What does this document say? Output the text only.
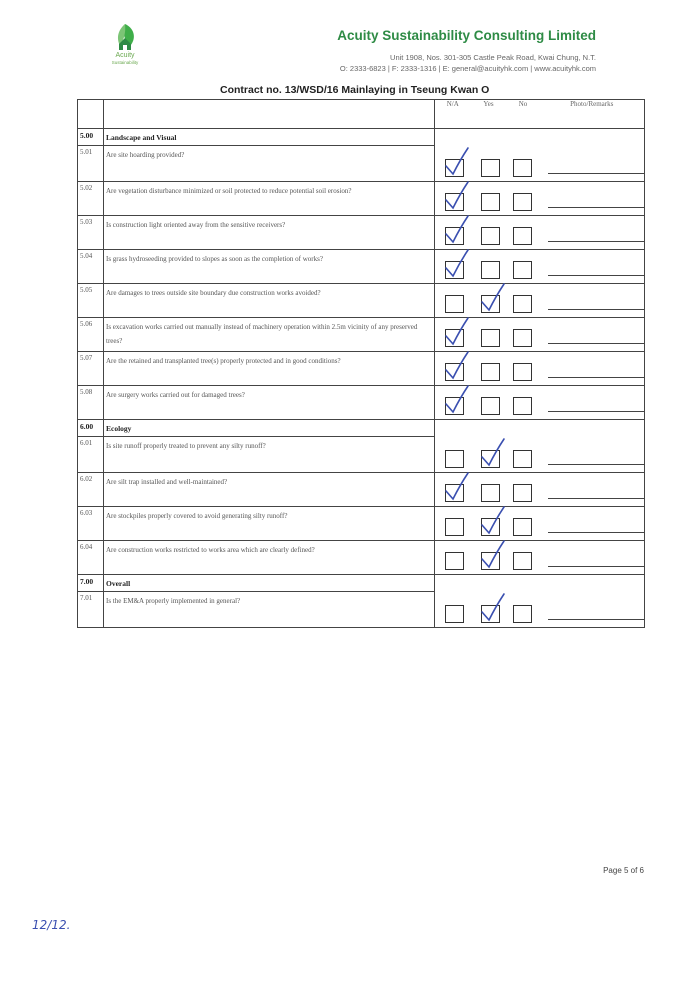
Acuity
Sustainability
Acuity Sustainability Consulting Limited
Unit 1908, Nos. 301-305 Castle Peak Road, Kwai Chung, N.T.
O: 2333-6823 | F: 2333-1316 | E: general@acuityhk.com | www.acuityhk.com
Contract no. 13/WSD/16 Mainlaying in Tseung Kwan O
		N/A	Yes	No	Photo/Remarks
5.00	Landscape and Visual				
5.01	Are site hoarding provided?	

5.02	Are vegetation disturbance minimized or soil protected to reduce potential soil erosion?	

5.03	Is construction light oriented away from the sensitive receivers?	

5.04	Is grass hydroseeding provided to slopes as soon as the completion of works?	

5.05	Are damages to trees outside site boundary due construction works avoided?	

5.06	Is excavation works carried out manually instead of machinery operation within 2.5m vicinity of any preserved trees?	

5.07	Are the retained and transplanted tree(s) properly protected and in good conditions?	

5.08	Are surgery works carried out for damaged trees?	

6.00	Ecology				
6.01	Is site runoff properly treated to prevent any silty runoff?	

6.02	Are silt trap installed and well-maintained?	

6.03	Are stockpiles properly covered to avoid generating silty runoff?	

6.04	Are construction works restricted to works area which are clearly defined?	

7.00	Overall				
7.01	Is the EM&A properly implemented in general?	

Page 5 of 6
12/12.
